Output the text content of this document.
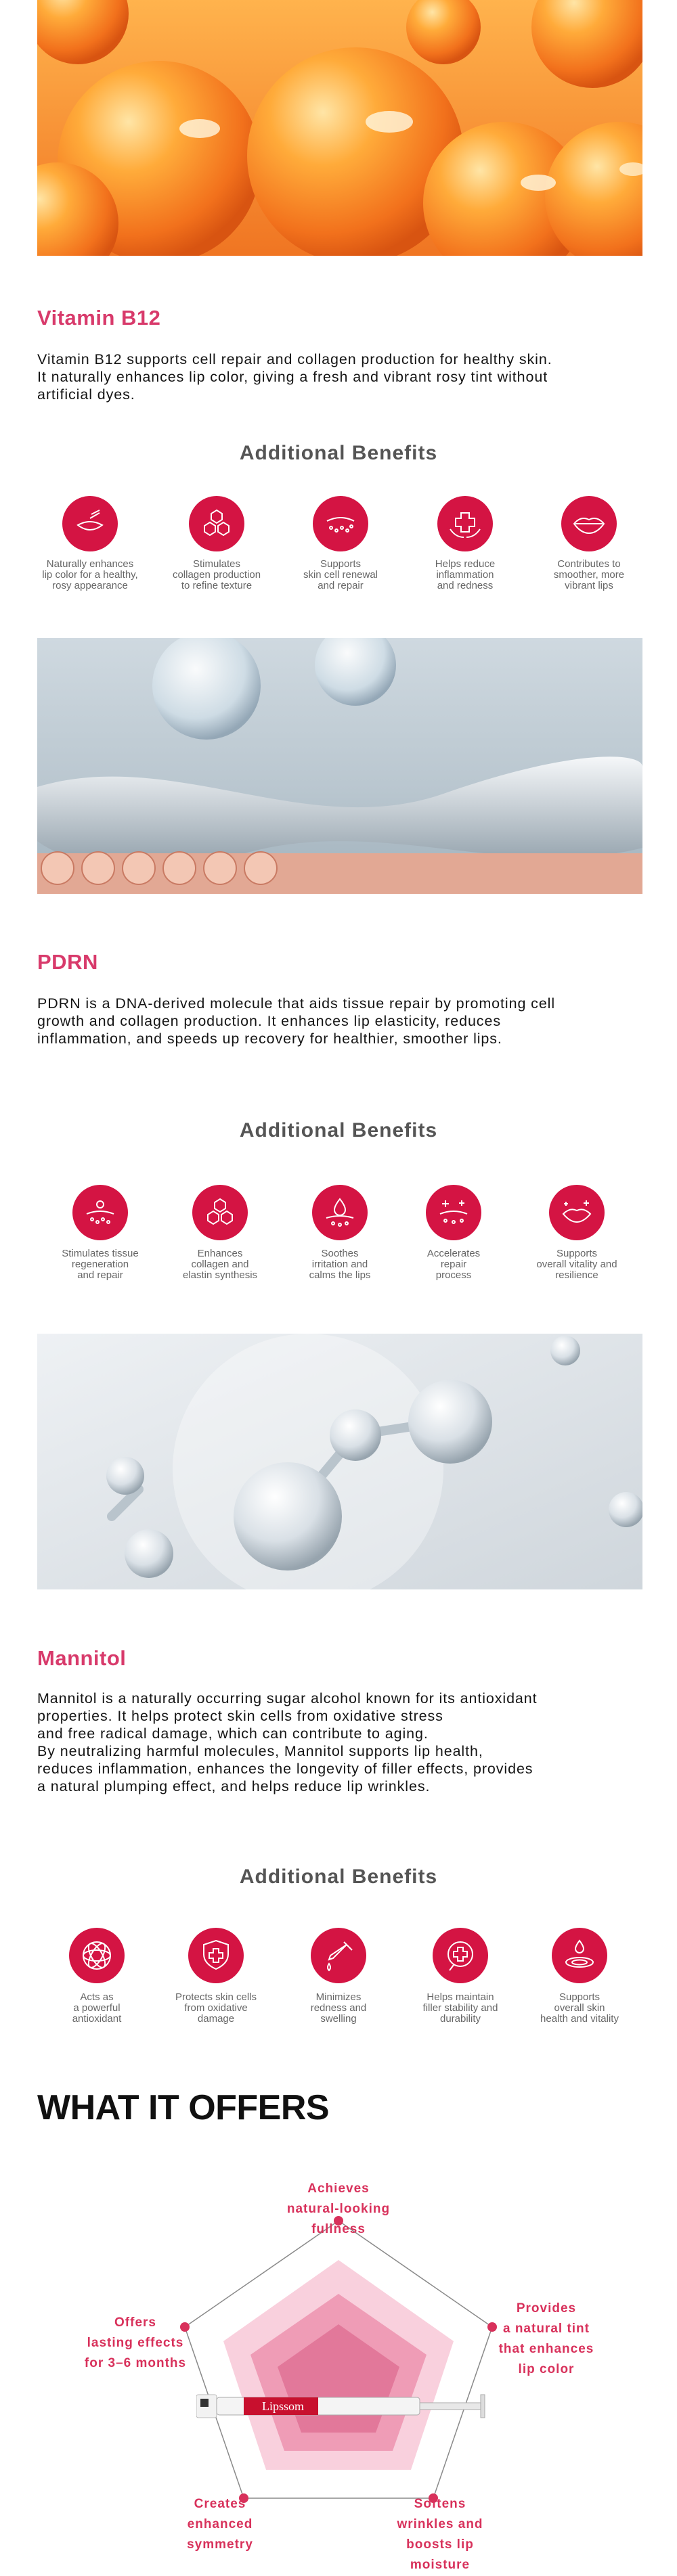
Vitamin B12
Vitamin B12 supports cell repair and collagen production for healthy skin.
It naturally enhances lip color, giving a fresh and vibrant rosy tint without
artificial dyes.
Additional Benefits
Naturally enhances
lip color for a healthy,
rosy appearance
Stimulates
collagen production
to refine texture
Supports
skin cell renewal
and repair
Helps reduce
inflammation
and redness
Contributes to
smoother, more
vibrant lips
PDRN
PDRN is a DNA-derived molecule that aids tissue repair by promoting cell
growth and collagen production. It enhances lip elasticity, reduces
inflammation, and speeds up recovery for healthier, smoother lips.
Additional Benefits
Stimulates tissue
regeneration
and repair
Enhances
collagen and
elastin synthesis
Soothes
irritation and
calms the lips
Accelerates
repair
process
Supports
overall vitality and
resilience
Mannitol
Mannitol is a naturally occurring sugar alcohol known for its antioxidant
properties. It helps protect skin cells from oxidative stress
and free radical damage, which can contribute to aging.
By neutralizing harmful molecules, Mannitol supports lip health,
reduces inflammation, enhances the longevity of filler effects, provides
a natural plumping effect, and helps reduce lip wrinkles.
Additional Benefits
Acts as
a powerful
antioxidant
Protects skin cells
from oxidative
damage
Minimizes
redness and
swelling
Helps maintain
filler stability and
durability
Supports
overall skin
health and vitality
WHAT IT OFFERS
Lipssom
Achieves
natural-looking
fullness
Provides
a natural tint
that enhances
lip color
Softens
wrinkles and
boosts lip moisture
Creates
enhanced
symmetry
Offers
lasting effects
for 3–6 months
